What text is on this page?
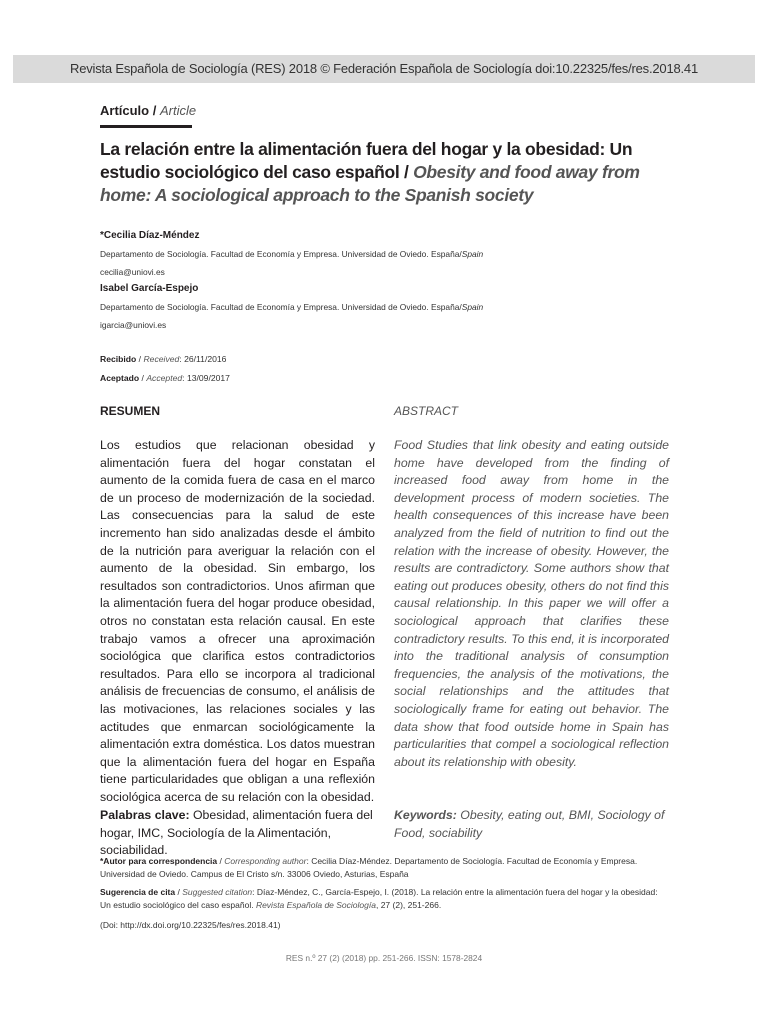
Revista Española de Sociología (RES) 2018 © Federación Española de Sociología doi:10.22325/fes/res.2018.41
Artículo / Article
La relación entre la alimentación fuera del hogar y la obesidad: Un estudio sociológico del caso español / Obesity and food away from home: A sociological approach to the Spanish society
*Cecilia Díaz-Méndez
Departamento de Sociología. Facultad de Economía y Empresa. Universidad de Oviedo. España/Spain
cecilia@uniovi.es
Isabel García-Espejo
Departamento de Sociología. Facultad de Economía y Empresa. Universidad de Oviedo. España/Spain
igarcia@uniovi.es
Recibido / Received: 26/11/2016
Aceptado / Accepted: 13/09/2017
RESUMEN	ABSTRACT
Los estudios que relacionan obesidad y alimentación fuera del hogar constatan el aumento de la comida fuera de casa en el marco de un proceso de modernización de la sociedad. Las consecuencias para la salud de este incremento han sido analizadas desde el ámbito de la nutrición para averiguar la relación con el aumento de la obesidad. Sin embargo, los resultados son contradictorios. Unos afirman que la alimentación fuera del hogar produce obesidad, otros no constatan esta relación causal. En este trabajo vamos a ofrecer una aproximación sociológica que clarifica estos contradictorios resultados. Para ello se incorpora al tradicional análisis de frecuencias de consumo, el análisis de las motivaciones, las relaciones sociales y las actitudes que enmarcan sociológicamente la alimentación extra doméstica. Los datos muestran que la alimentación fuera del hogar en España tiene particularidades que obligan a una reflexión sociológica acerca de su relación con la obesidad.
Food Studies that link obesity and eating outside home have developed from the finding of increased food away from home in the development process of modern societies. The health consequences of this increase have been analyzed from the field of nutrition to find out the relation with the increase of obesity. However, the results are contradictory. Some authors show that eating out produces obesity, others do not find this causal relationship. In this paper we will offer a sociological approach that clarifies these contradictory results. To this end, it is incorporated into the traditional analysis of consumption frequencies, the analysis of the motivations, the social relationships and the attitudes that sociologically frame for eating out behavior. The data show that food outside home in Spain has particularities that compel a sociological reflection about its relationship with obesity.
Palabras clave: Obesidad, alimentación fuera del hogar, IMC, Sociología de la Alimentación, sociabilidad.
Keywords: Obesity, eating out, BMI, Sociology of Food, sociability
*Autor para correspondencia / Corresponding author: Cecilia Díaz-Méndez. Departamento de Sociología. Facultad de Economía y Empresa. Universidad de Oviedo. Campus de El Cristo s/n. 33006 Oviedo, Asturias, España
Sugerencia de cita / Suggested citation: Díaz-Méndez, C., García-Espejo, I. (2018). La relación entre la alimentación fuera del hogar y la obesidad: Un estudio sociológico del caso español. Revista Española de Sociología, 27 (2), 251-266.
(Doi: http://dx.doi.org/10.22325/fes/res.2018.41)
RES n.º 27 (2) (2018) pp. 251-266. ISSN: 1578-2824
